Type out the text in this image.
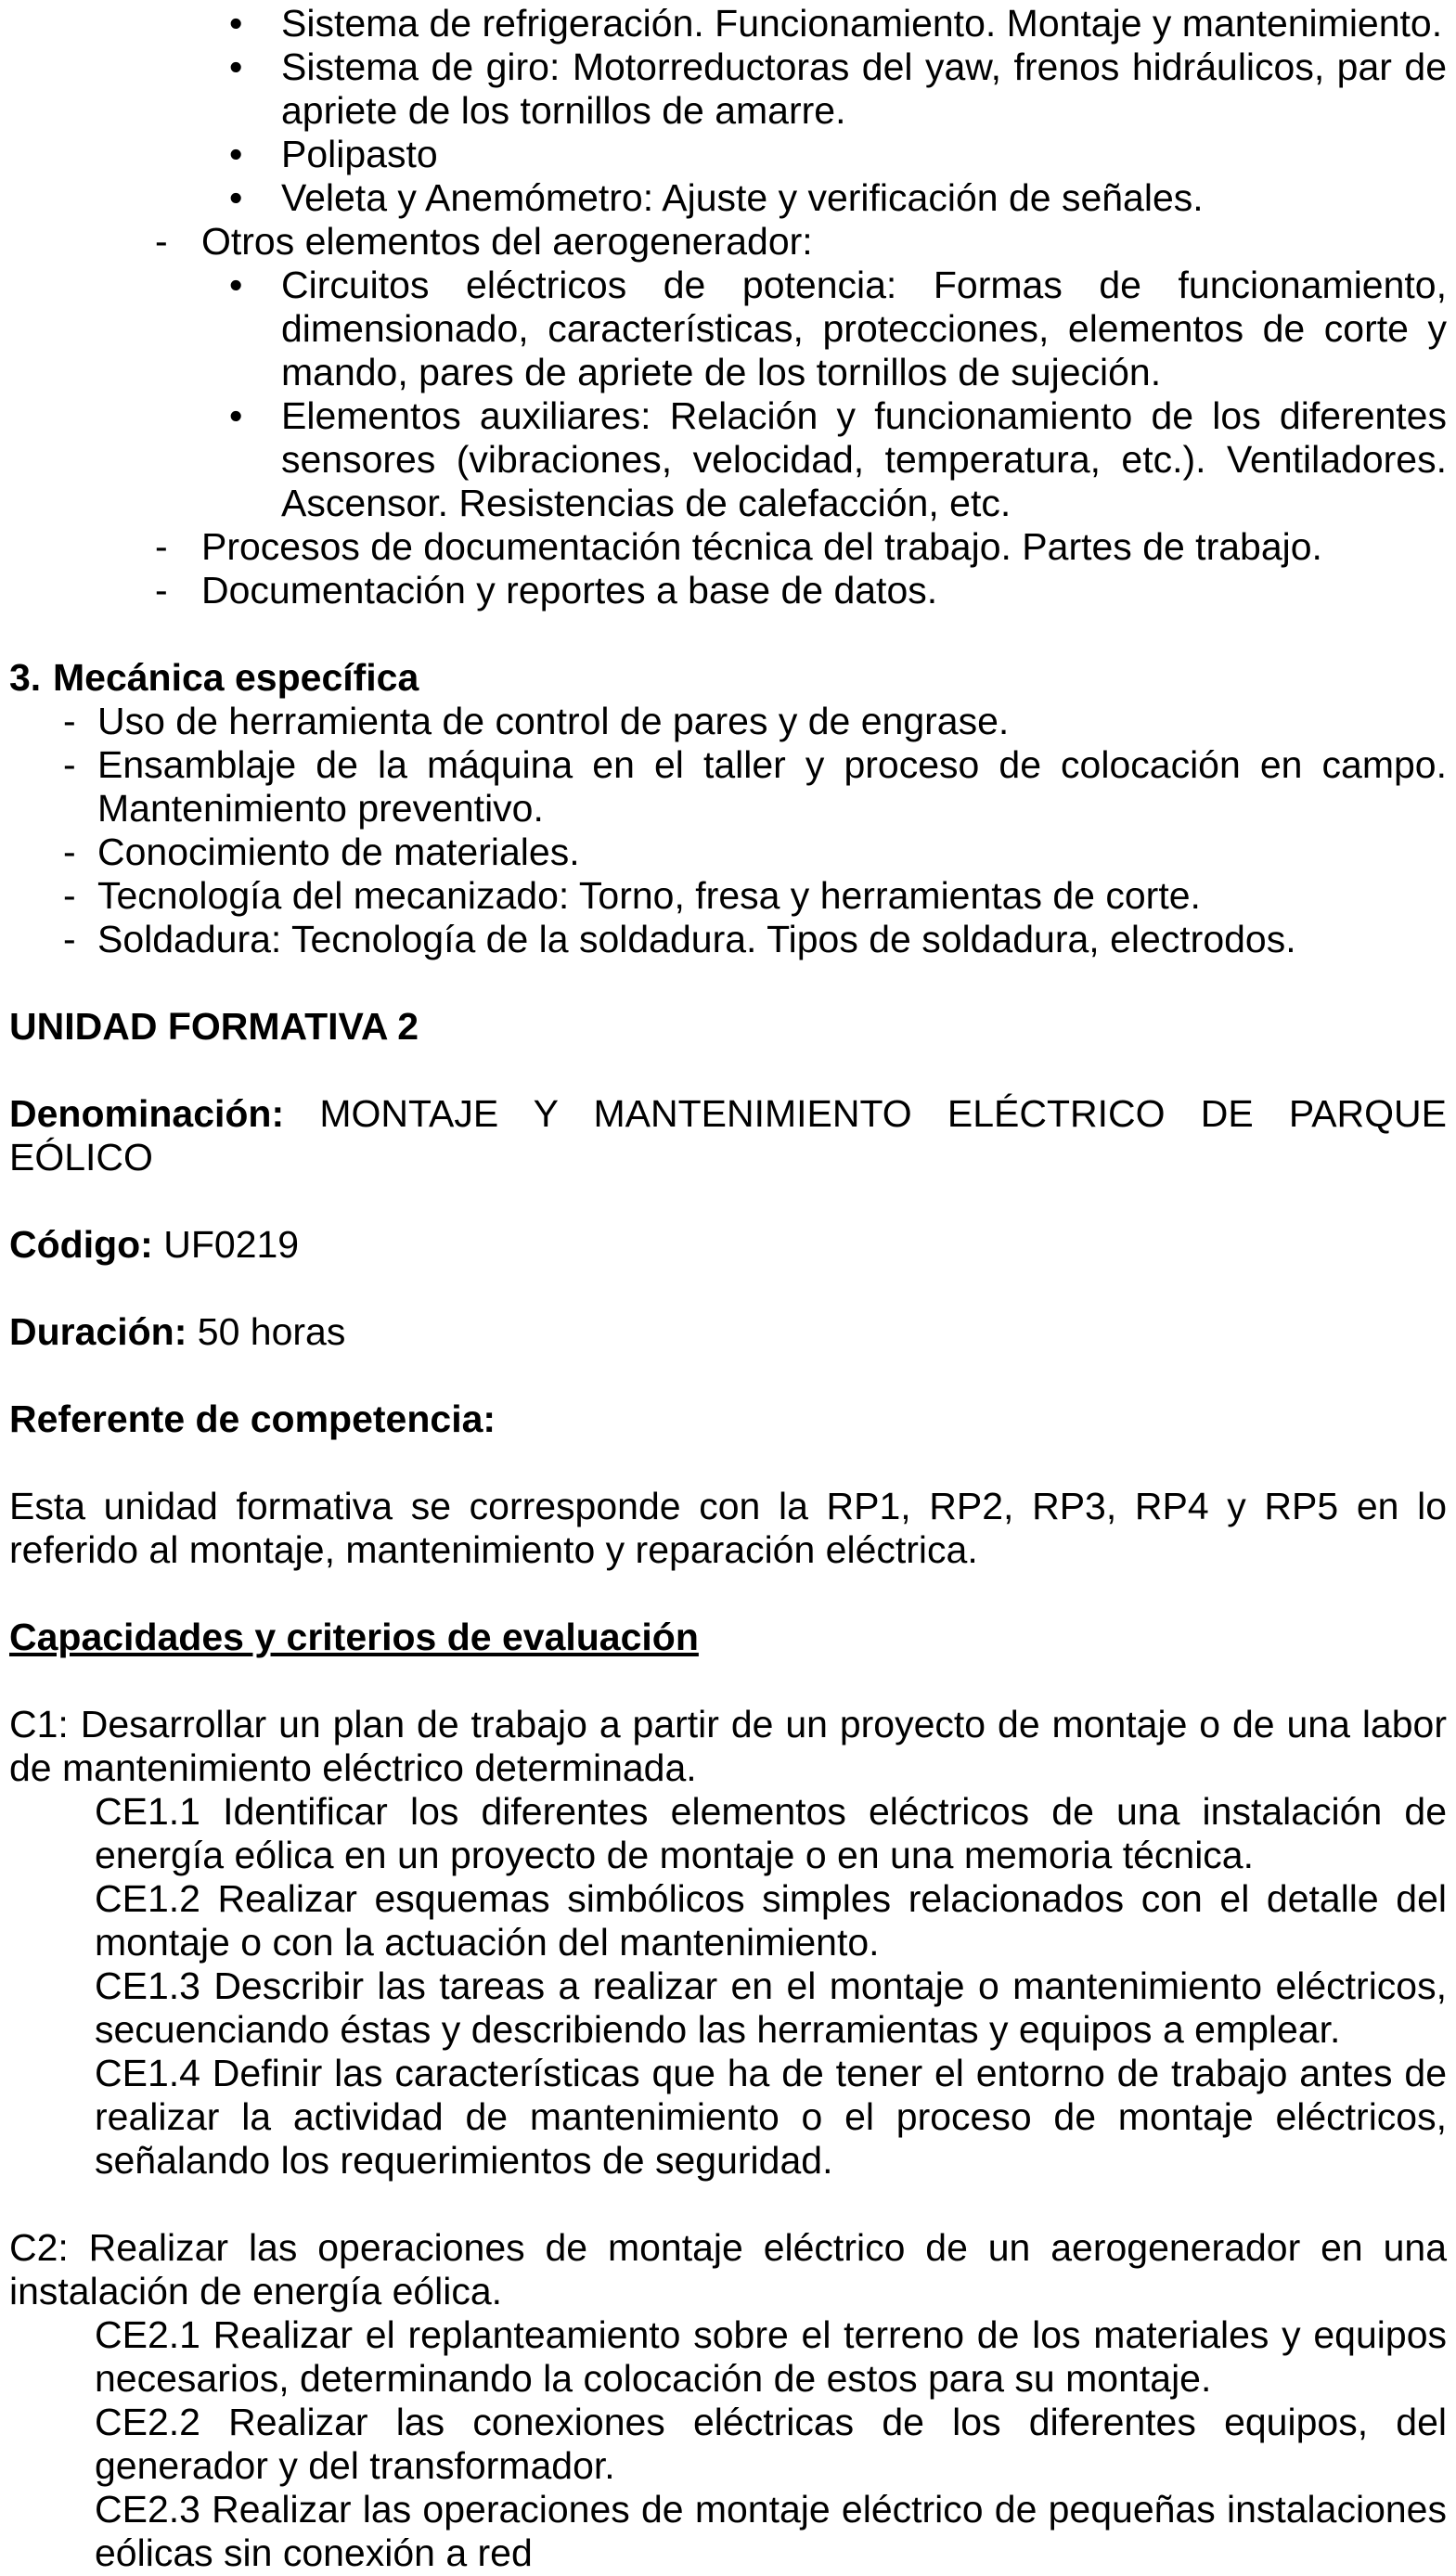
• Sistema de refrigeración. Funcionamiento. Montaje y mantenimiento.
• Sistema de giro: Motorreductoras del yaw, frenos hidráulicos, par de apriete de los tornillos de amarre.
• Polipasto
• Veleta y Anemómetro: Ajuste y verificación de señales.
- Otros elementos del aerogenerador:
• Circuitos eléctricos de potencia: Formas de funcionamiento, dimensionado, características, protecciones, elementos de corte y mando, pares de apriete de los tornillos de sujeción.
• Elementos auxiliares: Relación y funcionamiento de los diferentes sensores (vibraciones, velocidad, temperatura, etc.). Ventiladores. Ascensor. Resistencias de calefacción, etc.
- Procesos de documentación técnica del trabajo. Partes de trabajo.
- Documentación y reportes a base de datos.
3. Mecánica específica
- Uso de herramienta de control de pares y de engrase.
- Ensamblaje de la máquina en el taller y proceso de colocación en campo. Mantenimiento preventivo.
- Conocimiento de materiales.
- Tecnología del mecanizado: Torno, fresa y herramientas de corte.
- Soldadura: Tecnología de la soldadura. Tipos de soldadura, electrodos.

UNIDAD FORMATIVA 2

Denominación: MONTAJE Y MANTENIMIENTO ELÉCTRICO DE PARQUE EÓLICO

Código: UF0219

Duración: 50 horas

Referente de competencia:

Esta unidad formativa se corresponde con la RP1, RP2, RP3, RP4 y RP5 en lo referido al montaje, mantenimiento y reparación eléctrica.

Capacidades y criterios de evaluación

C1: Desarrollar un plan de trabajo a partir de un proyecto de montaje o de una labor de mantenimiento eléctrico determinada.

CE1.1 Identificar los diferentes elementos eléctricos de una instalación de energía eólica en un proyecto de montaje o en una memoria técnica.

CE1.2 Realizar esquemas simbólicos simples relacionados con el detalle del montaje o con la actuación del mantenimiento.

CE1.3 Describir las tareas a realizar en el montaje o mantenimiento eléctricos, secuenciando éstas y describiendo las herramientas y equipos a emplear.

CE1.4 Definir las características que ha de tener el entorno de trabajo antes de realizar la actividad de mantenimiento o el proceso de montaje eléctricos, señalando los requerimientos de seguridad.

C2: Realizar las operaciones de montaje eléctrico de un aerogenerador en una instalación de energía eólica.

CE2.1 Realizar el replanteamiento sobre el terreno de los materiales y equipos necesarios, determinando la colocación de estos para su montaje.

CE2.2 Realizar las conexiones eléctricas de los diferentes equipos, del generador y del transformador.

CE2.3 Realizar las operaciones de montaje eléctrico de pequeñas instalaciones eólicas sin conexión a red
